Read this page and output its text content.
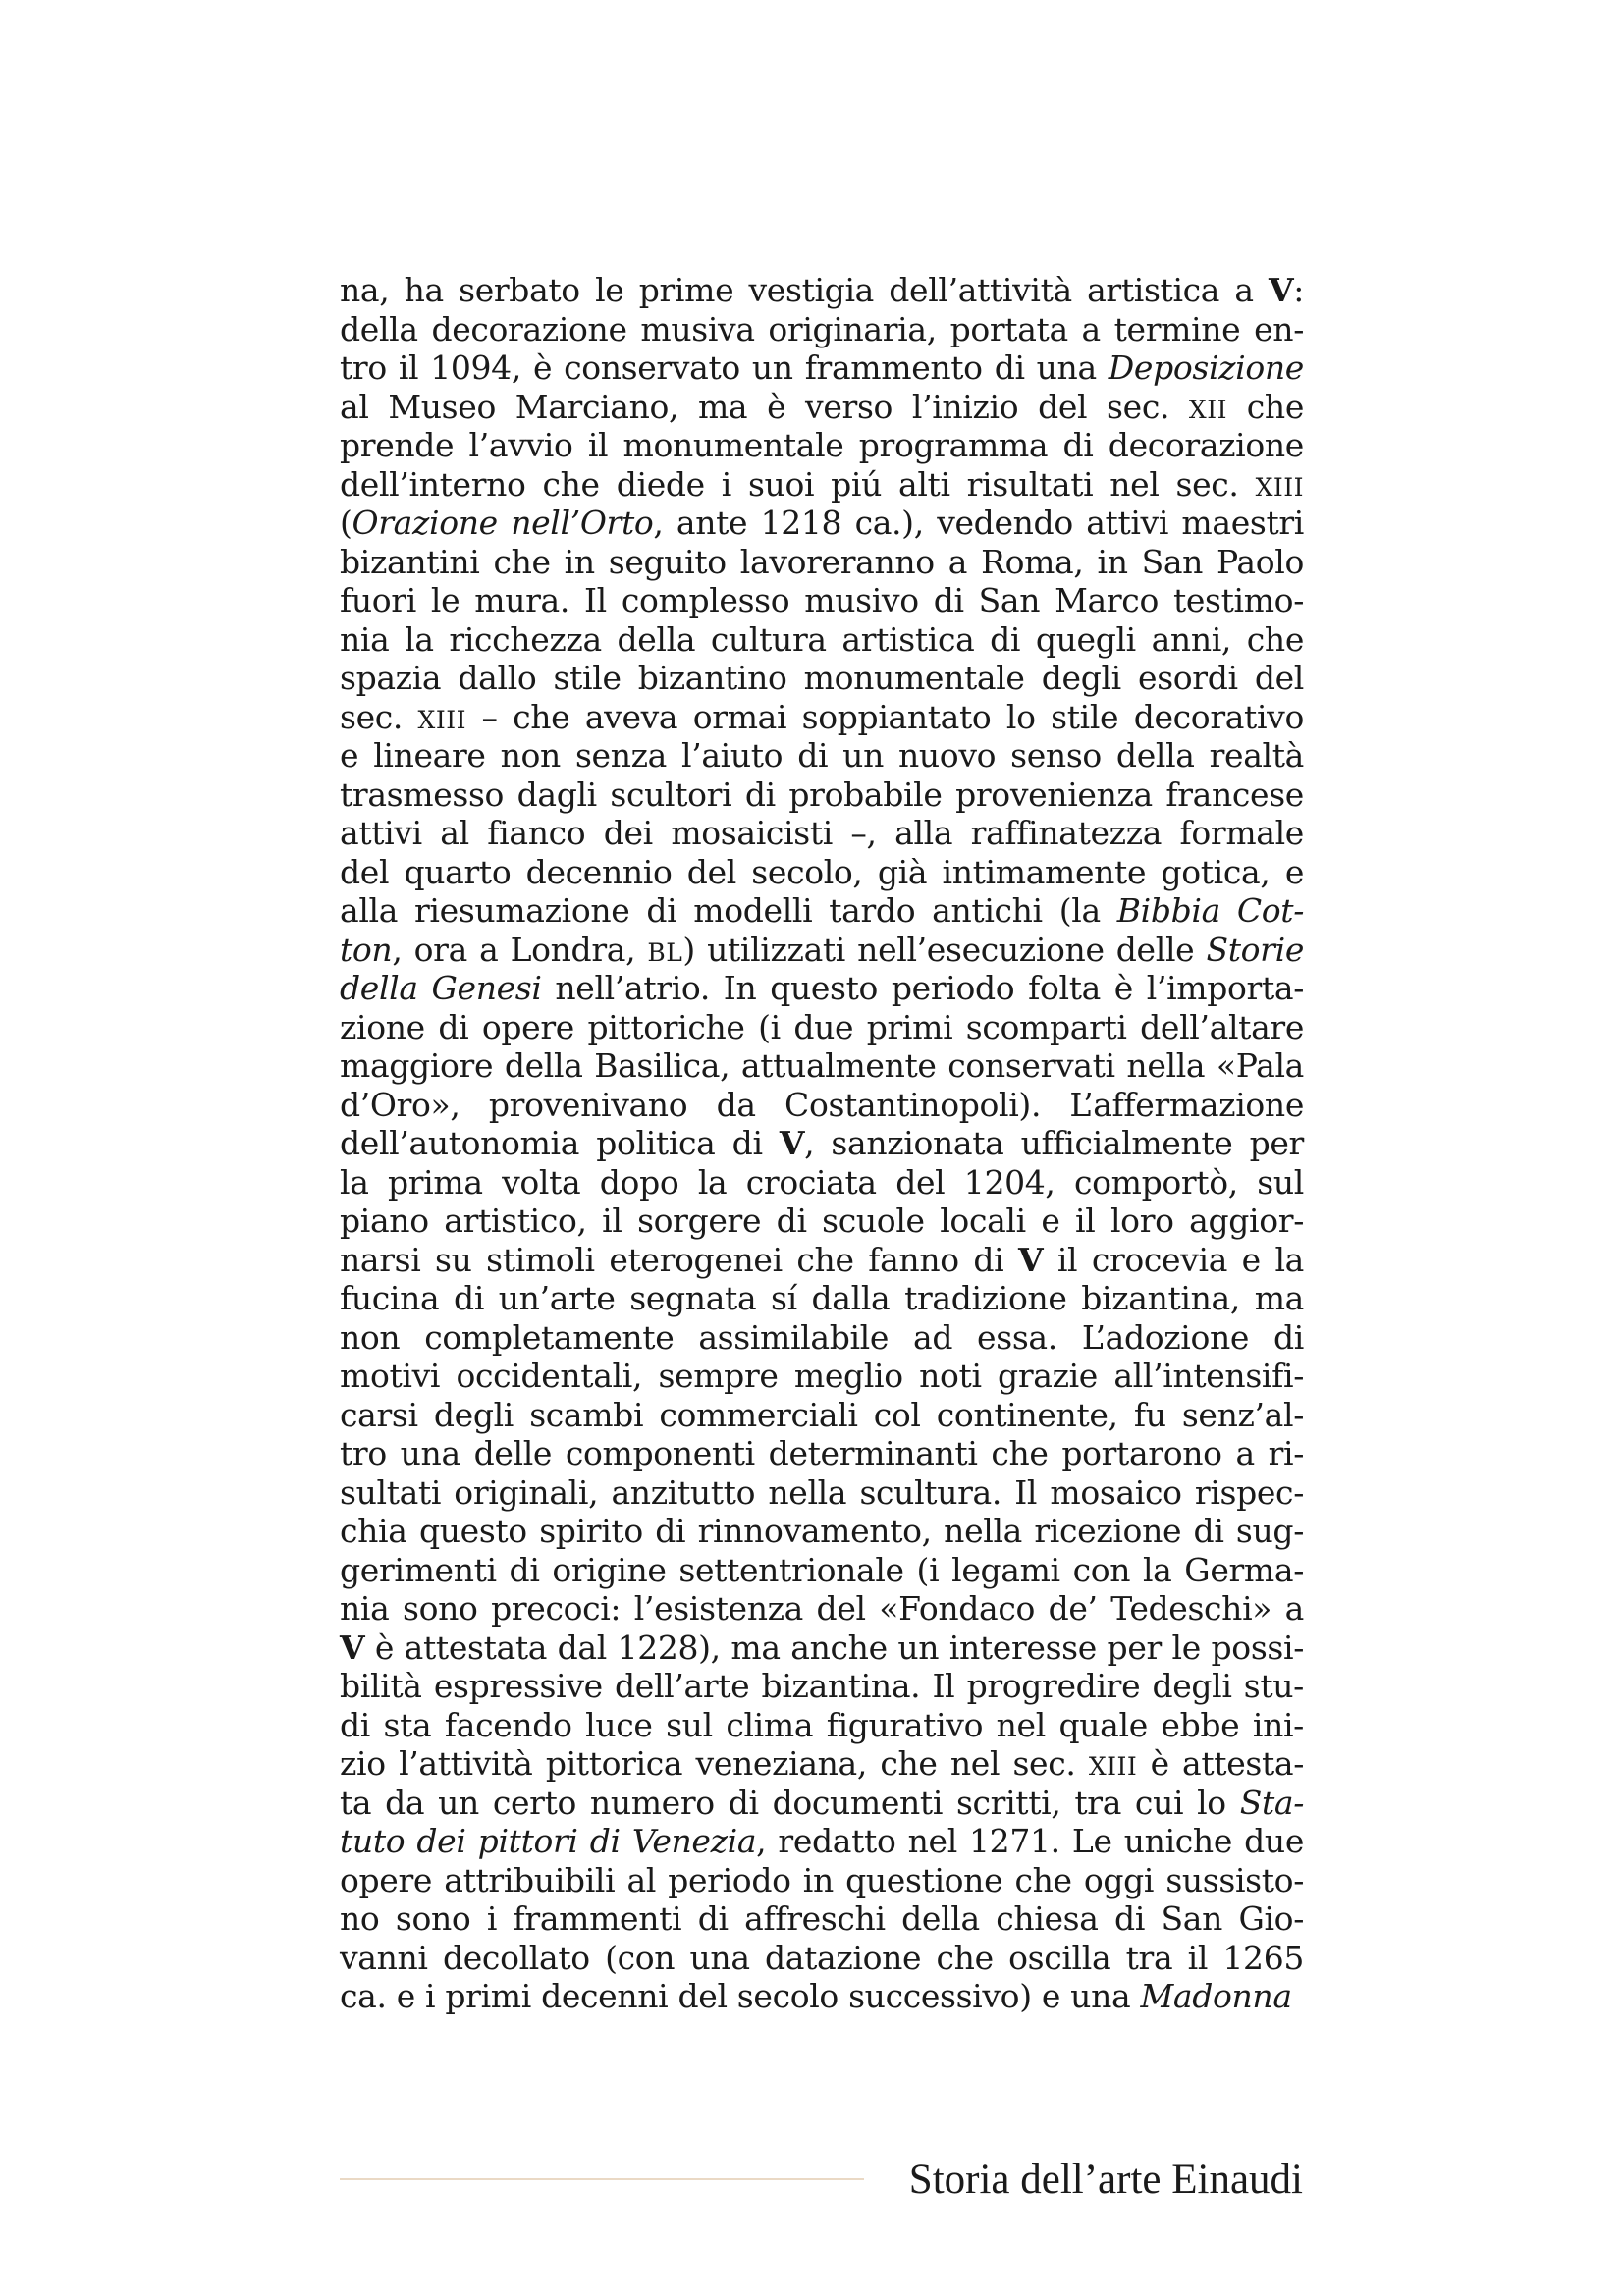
na, ha serbato le prime vestigia dell’attività artistica a V:
della decorazione musiva originaria, portata a termine en-
tro il 1094, è conservato un frammento di una Deposizione
al Museo Marciano, ma è verso l’inizio del sec. XII che
prende l’avvio il monumentale programma di decorazione
dell’interno che diede i suoi piú alti risultati nel sec. XIII
(Orazione nell’Orto, ante 1218 ca.), vedendo attivi maestri
bizantini che in seguito lavoreranno a Roma, in San Paolo
fuori le mura. Il complesso musivo di San Marco testimo-
nia la ricchezza della cultura artistica di quegli anni, che
spazia dallo stile bizantino monumentale degli esordi del
sec. XIII – che aveva ormai soppiantato lo stile decorativo
e lineare non senza l’aiuto di un nuovo senso della realtà
trasmesso dagli scultori di probabile provenienza francese
attivi al fianco dei mosaicisti –, alla raffinatezza formale
del quarto decennio del secolo, già intimamente gotica, e
alla riesumazione di modelli tardo antichi (la Bibbia Cot-
ton, ora a Londra, BL) utilizzati nell’esecuzione delle Storie
della Genesi nell’atrio. In questo periodo folta è l’importa-
zione di opere pittoriche (i due primi scomparti dell’altare
maggiore della Basilica, attualmente conservati nella «Pala
d’Oro», provenivano da Costantinopoli). L’affermazione
dell’autonomia politica di V, sanzionata ufficialmente per
la prima volta dopo la crociata del 1204, comportò, sul
piano artistico, il sorgere di scuole locali e il loro aggior-
narsi su stimoli eterogenei che fanno di V il crocevia e la
fucina di un’arte segnata sí dalla tradizione bizantina, ma
non completamente assimilabile ad essa. L’adozione di
motivi occidentali, sempre meglio noti grazie all’intensifi-
carsi degli scambi commerciali col continente, fu senz’al-
tro una delle componenti determinanti che portarono a ri-
sultati originali, anzitutto nella scultura. Il mosaico rispec-
chia questo spirito di rinnovamento, nella ricezione di sug-
gerimenti di origine settentrionale (i legami con la Germa-
nia sono precoci: l’esistenza del «Fondaco de’ Tedeschi» a
V è attestata dal 1228), ma anche un interesse per le possi-
bilità espressive dell’arte bizantina. Il progredire degli stu-
di sta facendo luce sul clima figurativo nel quale ebbe ini-
zio l’attività pittorica veneziana, che nel sec. XIII è attesta-
ta da un certo numero di documenti scritti, tra cui lo Sta-
tuto dei pittori di Venezia, redatto nel 1271. Le uniche due
opere attribuibili al periodo in questione che oggi sussisto-
no sono i frammenti di affreschi della chiesa di San Gio-
vanni decollato (con una datazione che oscilla tra il 1265
ca. e i primi decenni del secolo successivo) e una Madonna
Storia dell’arte Einaudi
